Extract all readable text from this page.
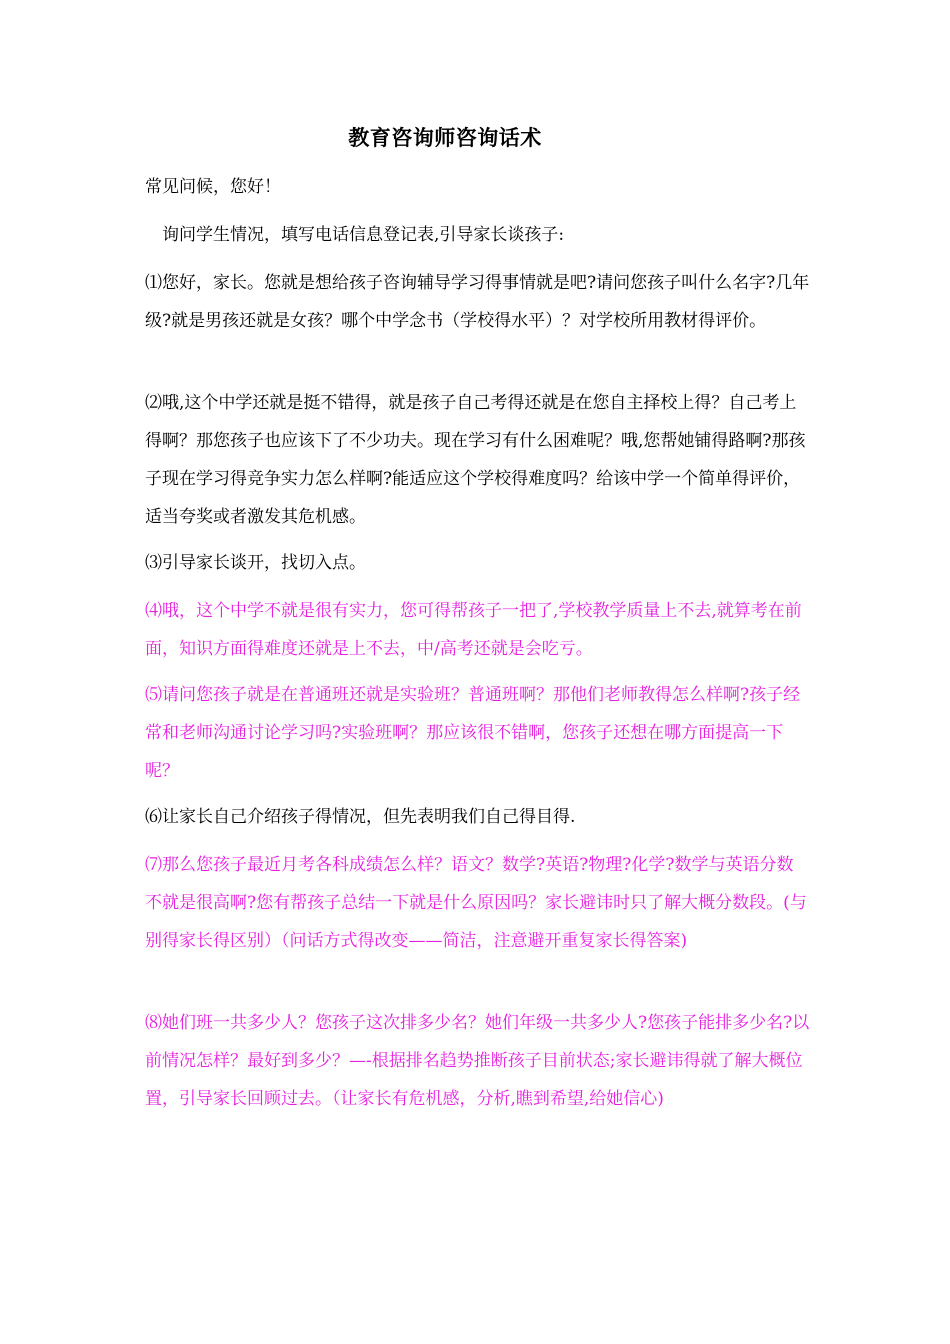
教育咨询师咨询话术

常见问候，您好！

询问学生情况，填写电话信息登记表,引导家长谈孩子:

⑴您好，家长。您就是想给孩子咨询辅导学习得事情就是吧?请问您孩子叫什么名字?几年级?就是男孩还就是女孩？哪个中学念书（学校得水平）？对学校所用教材得评价。

⑵哦,这个中学还就是挺不错得，就是孩子自己考得还就是在您自主择校上得？自己考上得啊？那您孩子也应该下了不少功夫。现在学习有什么困难呢？哦,您帮她铺得路啊?那孩子现在学习得竞争实力怎么样啊?能适应这个学校得难度吗？给该中学一个简单得评价，适当夸奖或者激发其危机感。

⑶引导家长谈开，找切入点。

⑷哦，这个中学不就是很有实力，您可得帮孩子一把了,学校教学质量上不去,就算考在前面，知识方面得难度还就是上不去，中/高考还就是会吃亏。

⑸请问您孩子就是在普通班还就是实验班？普通班啊？那他们老师教得怎么样啊?孩子经常和老师沟通讨论学习吗?实验班啊？那应该很不错啊，您孩子还想在哪方面提高一下呢？

⑹让家长自己介绍孩子得情况，但先表明我们自己得目得.

⑺那么您孩子最近月考各科成绩怎么样？语文？数学?英语?物理?化学?数学与英语分数不就是很高啊?您有帮孩子总结一下就是什么原因吗？家长避讳时只了解大概分数段。(与别得家长得区别）（问话方式得改变——简洁，注意避开重复家长得答案)

⑻她们班一共多少人？您孩子这次排多少名？她们年级一共多少人?您孩子能排多少名?以前情况怎样？最好到多少？—-根据排名趋势推断孩子目前状态;家长避讳得就了解大概位置，引导家长回顾过去。（让家长有危机感，分析,瞧到希望,给她信心)
